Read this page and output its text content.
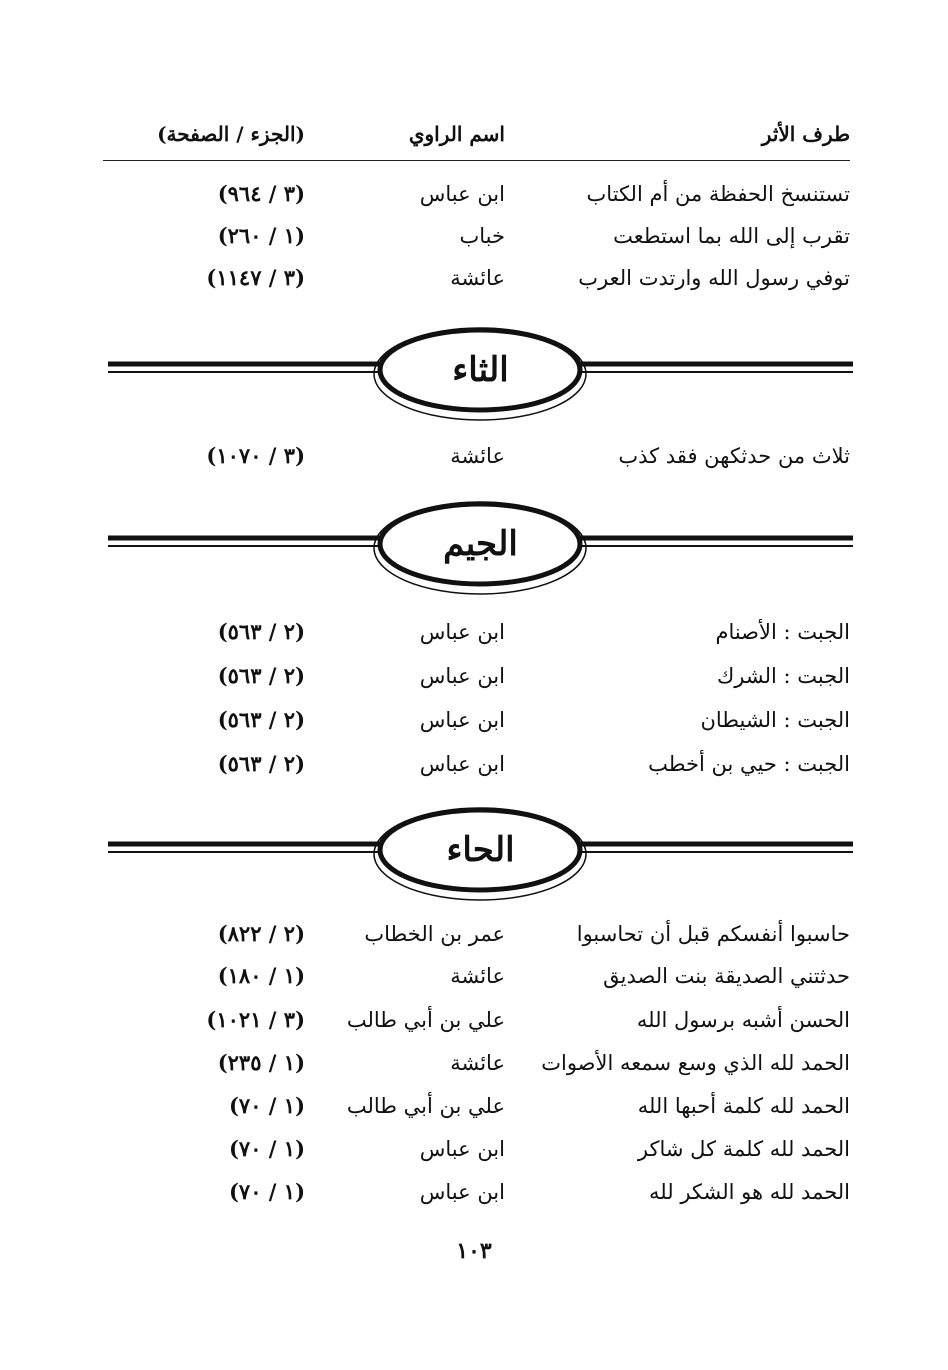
طرف الأثر
اسم الراوي
(الجزء / الصفحة)
تستنسخ الحفظة من أم الكتاب
ابن عباس
(٣ / ٩٦٤)
تقرب إلى الله بما استطعت
خباب
(١ / ٢٦٠)
توفي رسول الله وارتدت العرب
عائشة
(٣ / ١١٤٧)
الثاء
ثلاث من حدثكهن فقد كذب
عائشة
(٣ / ١٠٧٠)
الجيم
الجبت : الأصنام
ابن عباس
(٢ / ٥٦٣)
الجبت : الشرك
ابن عباس
(٢ / ٥٦٣)
الجبت : الشيطان
ابن عباس
(٢ / ٥٦٣)
الجبت : حيي بن أخطب
ابن عباس
(٢ / ٥٦٣)
الحاء
حاسبوا أنفسكم قبل أن تحاسبوا
عمر بن الخطاب
(٢ / ٨٢٢)
حدثتني الصديقة بنت الصديق
عائشة
(١ / ١٨٠)
الحسن أشبه برسول الله
علي بن أبي طالب
(٣ / ١٠٢١)
الحمد لله الذي وسع سمعه الأصوات
عائشة
(١ / ٢٣٥)
الحمد لله كلمة أحبها الله
علي بن أبي طالب
(١ / ٧٠)
الحمد لله كلمة كل شاكر
ابن عباس
(١ / ٧٠)
الحمد لله هو الشكر لله
ابن عباس
(١ / ٧٠)
١٠٣
